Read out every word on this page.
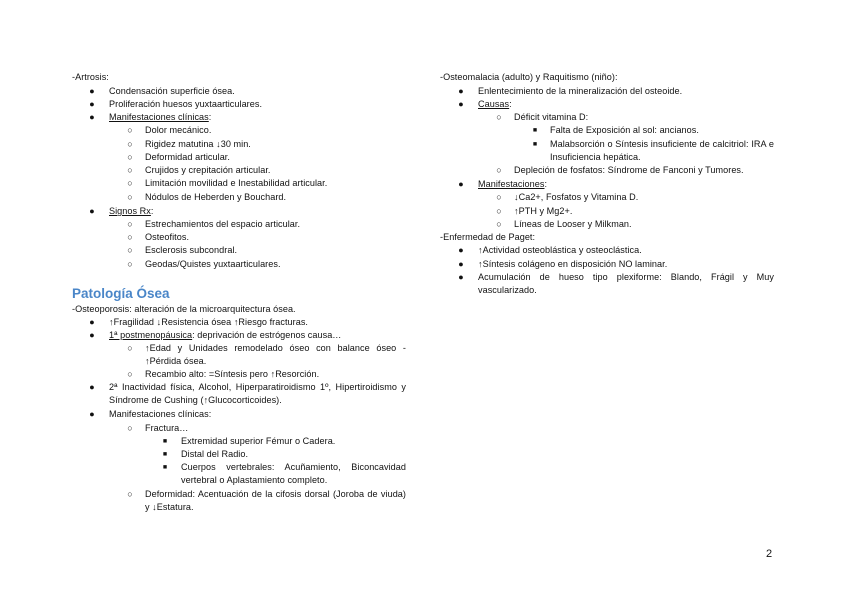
-Artrosis:
● Condensación superficie ósea.
● Proliferación huesos yuxtaarticulares.
● Manifestaciones clínicas:
○ Dolor mecánico.
○ Rigidez matutina ↓30 min.
○ Deformidad articular.
○ Crujidos y crepitación articular.
○ Limitación movilidad e Inestabilidad articular.
○ Nódulos de Heberden y Bouchard.
● Signos Rx:
○ Estrechamientos del espacio articular.
○ Osteofitos.
○ Esclerosis subcondral.
○ Geodas/Quistes yuxtaarticulares.
Patología Ósea
-Osteoporosis: alteración de la microarquitectura ósea.
● ↑Fragilidad ↓Resistencia ósea ↑Riesgo fracturas.
● 1ª postmenopáusica: deprivación de estrógenos causa…
○ ↑Edad y Unidades remodelado óseo con balance óseo - ↑Pérdida ósea.
○ Recambio alto: =Síntesis pero ↑Resorción.
● 2ª Inactividad física, Alcohol, Hiperparatiroidismo 1º, Hipertiroidismo y Síndrome de Cushing (↑Glucocorticoides).
● Manifestaciones clínicas:
○ Fractura…
■	Extremidad superior Fémur o Cadera.
■	Distal del Radio.
■	Cuerpos vertebrales: Acuñamiento, Biconcavidad vertebral o Aplastamiento completo.
○ Deformidad: Acentuación de la cifosis dorsal (Joroba de viuda) y ↓Estatura.
-Osteomalacia (adulto) y Raquitismo (niño):
● Enlentecimiento de la mineralización del osteoide.
● Causas:
○ Déficit vitamina D:
■	Falta de Exposición al sol: ancianos.
■	Malabsorción o Síntesis insuficiente de calcitriol: IRA e Insuficiencia hepática.
○ Depleción de fosfatos: Síndrome de Fanconi y Tumores.
● Manifestaciones:
○ ↓Ca2+, Fosfatos y Vitamina D.
○ ↑PTH y Mg2+.
○ Líneas de Looser y Milkman.
-Enfermedad de Paget:
● ↑Actividad osteoblástica y osteoclástica.
● ↑Síntesis colágeno en disposición NO laminar.
● Acumulación de hueso tipo plexiforme: Blando, Frágil y Muy vascularizado.
2
